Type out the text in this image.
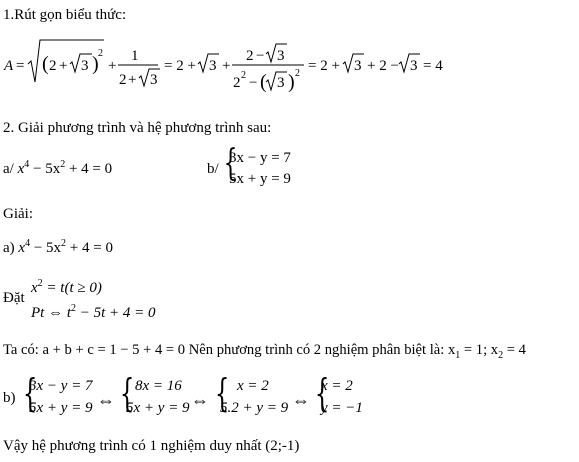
1.Rút gọn biểu thức:
A = ( 2 + 3 ) 2
+
1
2 + 3
= 2 + 3 +
2 − 3
2 2 − ( 3 ) 2 = 2 + 3 + 2 − 3 = 4
2. Giải phương trình và hệ phương trình sau:
a/ $x^4 - 5x^2 + 4 = 0$	b/ {
3x − y = 7
5x + y = 9
Giải:
a) $x^4 - 5x^2 + 4 = 0$
Đặt
$x^2 = t(t \ge 0)$
Pt ⇔ $t^2 - 5t + 4 = 0$
Ta có: a + b + c = 1 − 5 + 4 = 0 Nên phương trình có 2 nghiệm phân biệt là: $x_1 = 1$; $x_2 = 4$
b) {
3x − y = 7
5x + y = 9 ⇔ { 8x = 16
5x + y = 9 ⇔ { x = 2
5.2 + y = 9 ⇔ {
x = 2
y = −1
Vậy hệ phương trình có 1 nghiệm duy nhất (2;-1)
